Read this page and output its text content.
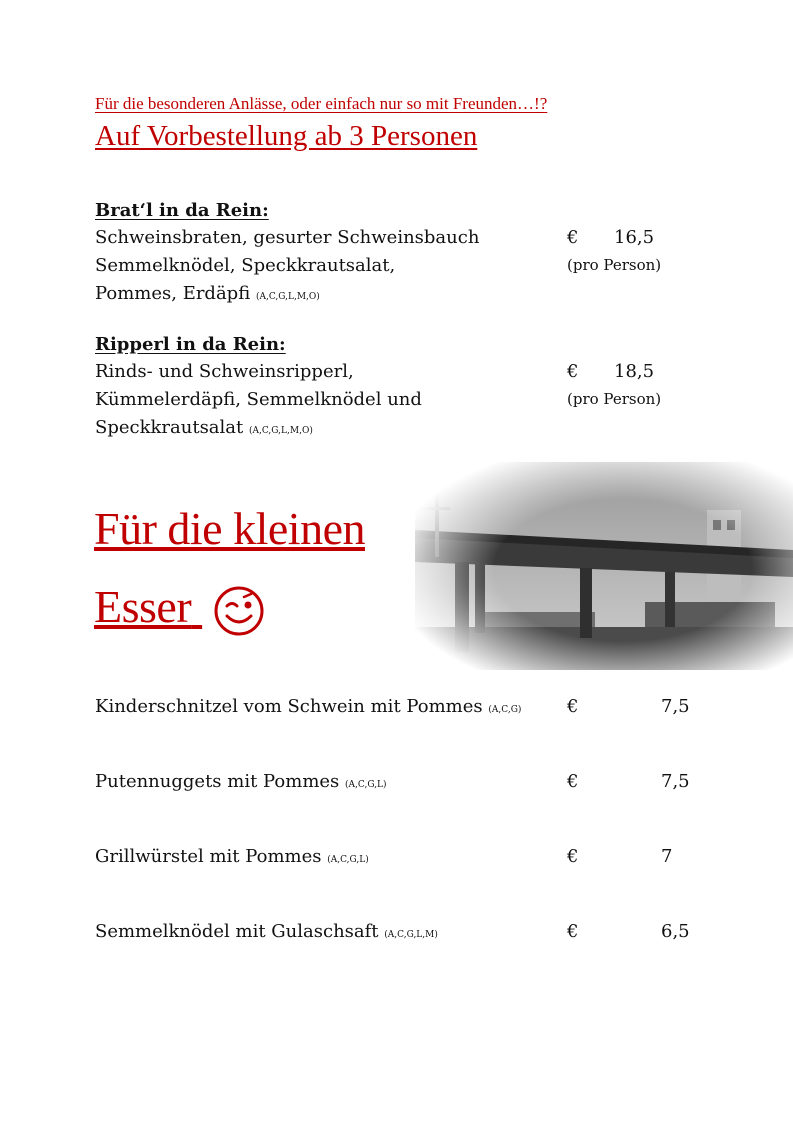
Für die besonderen Anlässe, oder einfach nur so mit Freunden…!?
Auf Vorbestellung ab 3 Personen
Brat‘l in da Rein:
Schweinsbraten, gesurter Schweinsbauch
Semmelknödel, Speckkrautsalat,
Pommes, Erdäpfi (A,C,G,L,M,O)
€ 16,5
(pro Person)
Ripperl in da Rein:
Rinds- und Schweinsripperl,
Kümmelerdäpfi, Semmelknödel und
Speckkrautsalat (A,C,G,L,M,O)
€ 18,5
(pro Person)
Für die kleinen
Esser
Kinderschnitzel vom Schwein mit Pommes (A,C,G)	€	7,5
Putennuggets mit Pommes (A,C,G,L)	€	7,5
Grillwürstel mit Pommes (A,C,G,L)	€	7
Semmelknödel mit Gulaschsaft (A,C,G,L,M)	€	6,5
